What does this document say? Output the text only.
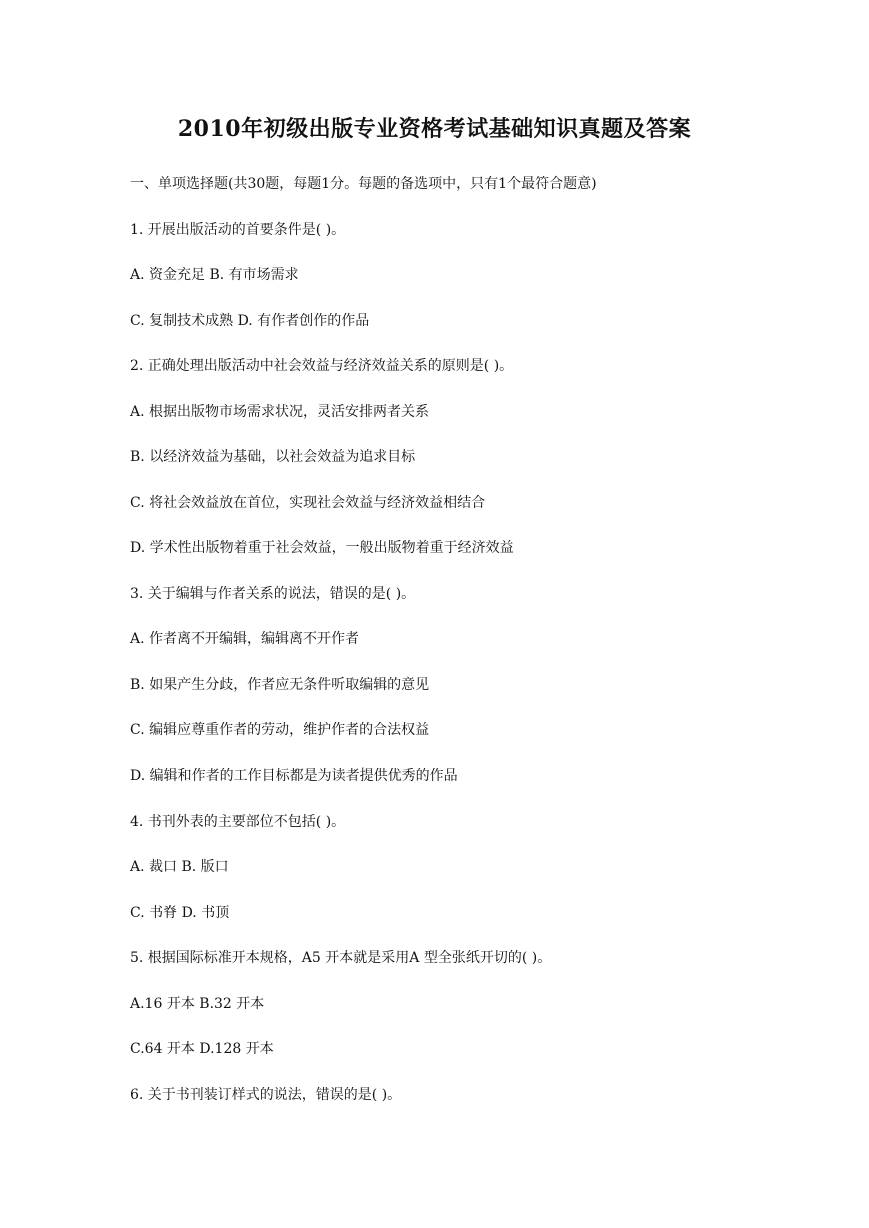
2010年初级出版专业资格考试基础知识真题及答案
一、单项选择题(共30题，每题1分。每题的备选项中，只有1个最符合题意)
1. 开展出版活动的首要条件是( )。
A. 资金充足 B. 有市场需求
C. 复制技术成熟 D. 有作者创作的作品
2. 正确处理出版活动中社会效益与经济效益关系的原则是( )。
A. 根据出版物市场需求状况，灵活安排两者关系
B. 以经济效益为基础，以社会效益为追求目标
C. 将社会效益放在首位，实现社会效益与经济效益相结合
D. 学术性出版物着重于社会效益，一般出版物着重于经济效益
3. 关于编辑与作者关系的说法，错误的是( )。
A. 作者离不开编辑，编辑离不开作者
B. 如果产生分歧，作者应无条件听取编辑的意见
C. 编辑应尊重作者的劳动，维护作者的合法权益
D. 编辑和作者的工作目标都是为读者提供优秀的作品
4. 书刊外表的主要部位不包括( )。
A. 裁口 B. 版口
C. 书脊 D. 书顶
5. 根据国际标准开本规格，A5 开本就是采用A 型全张纸开切的( )。
A.16 开本 B.32 开本
C.64 开本 D.128 开本
6. 关于书刊装订样式的说法，错误的是( )。
